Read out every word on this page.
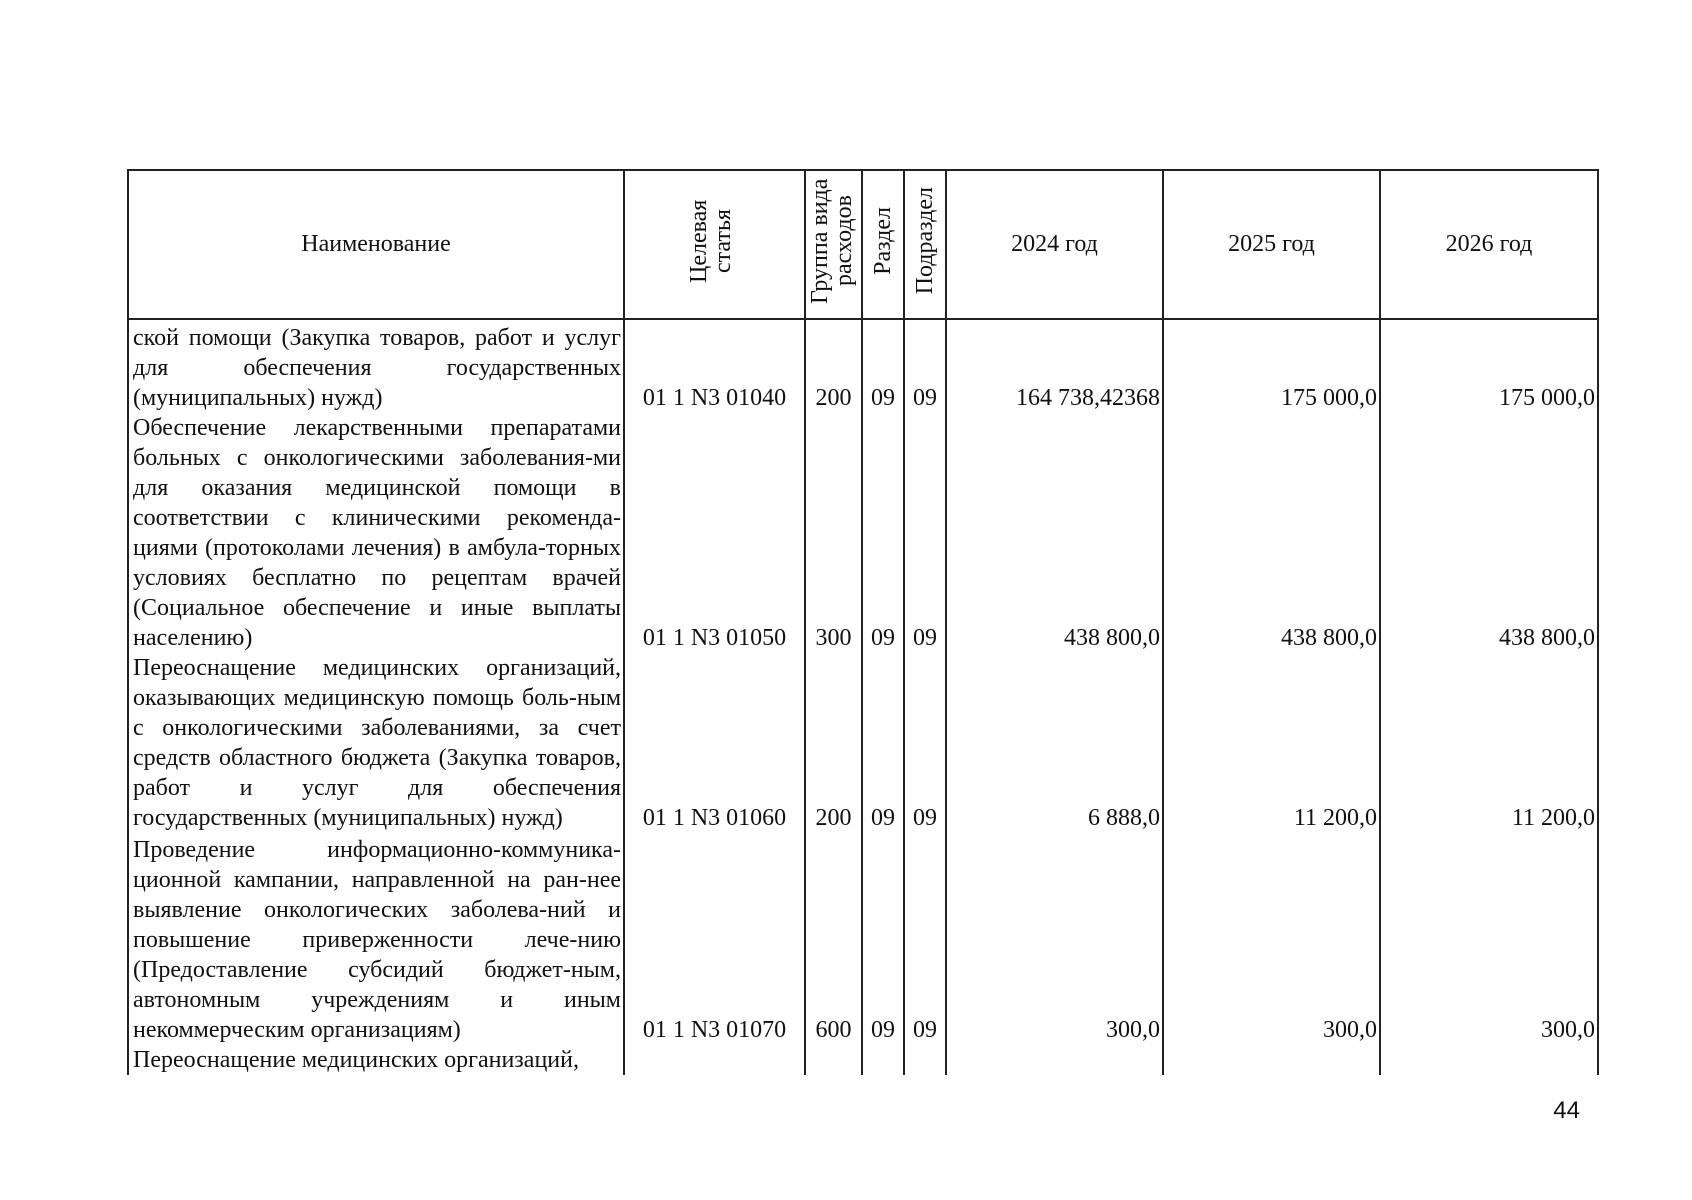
Наименование	Целевая статья	Группа вида расходов	Раздел	Подраздел	2024 год	2025 год	2026 год
ской помощи (Закупка товаров, работ и услуг для обеспечения государственных (муниципальных) нужд)	01 1 N3 01040	200	09	09	164 738,42368	175 000,0	175 000,0
Обеспечение лекарственными препаратами больных с онкологическими заболевания-ми для оказания медицинской помощи в соответствии с клиническими рекоменда-циями (протоколами лечения) в амбула-торных условиях бесплатно по рецептам врачей (Социальное обеспечение и иные выплаты населению)	01 1 N3 01050	300	09	09	438 800,0	438 800,0	438 800,0
Переоснащение медицинских организаций, оказывающих медицинскую помощь боль-ным с онкологическими заболеваниями, за счет средств областного бюджета (Закупка товаров, работ и услуг для обеспечения государственных (муниципальных) нужд)	01 1 N3 01060	200	09	09	6 888,0	11 200,0	11 200,0
Проведение информационно-коммуника-ционной кампании, направленной на ран-нее выявление онкологических заболева-ний и повышение приверженности лече-нию (Предоставление субсидий бюджет-ным, автономным учреждениям и иным некоммерческим организациям)	01 1 N3 01070	600	09	09	300,0	300,0	300,0
Переоснащение медицинских организаций,							
44
